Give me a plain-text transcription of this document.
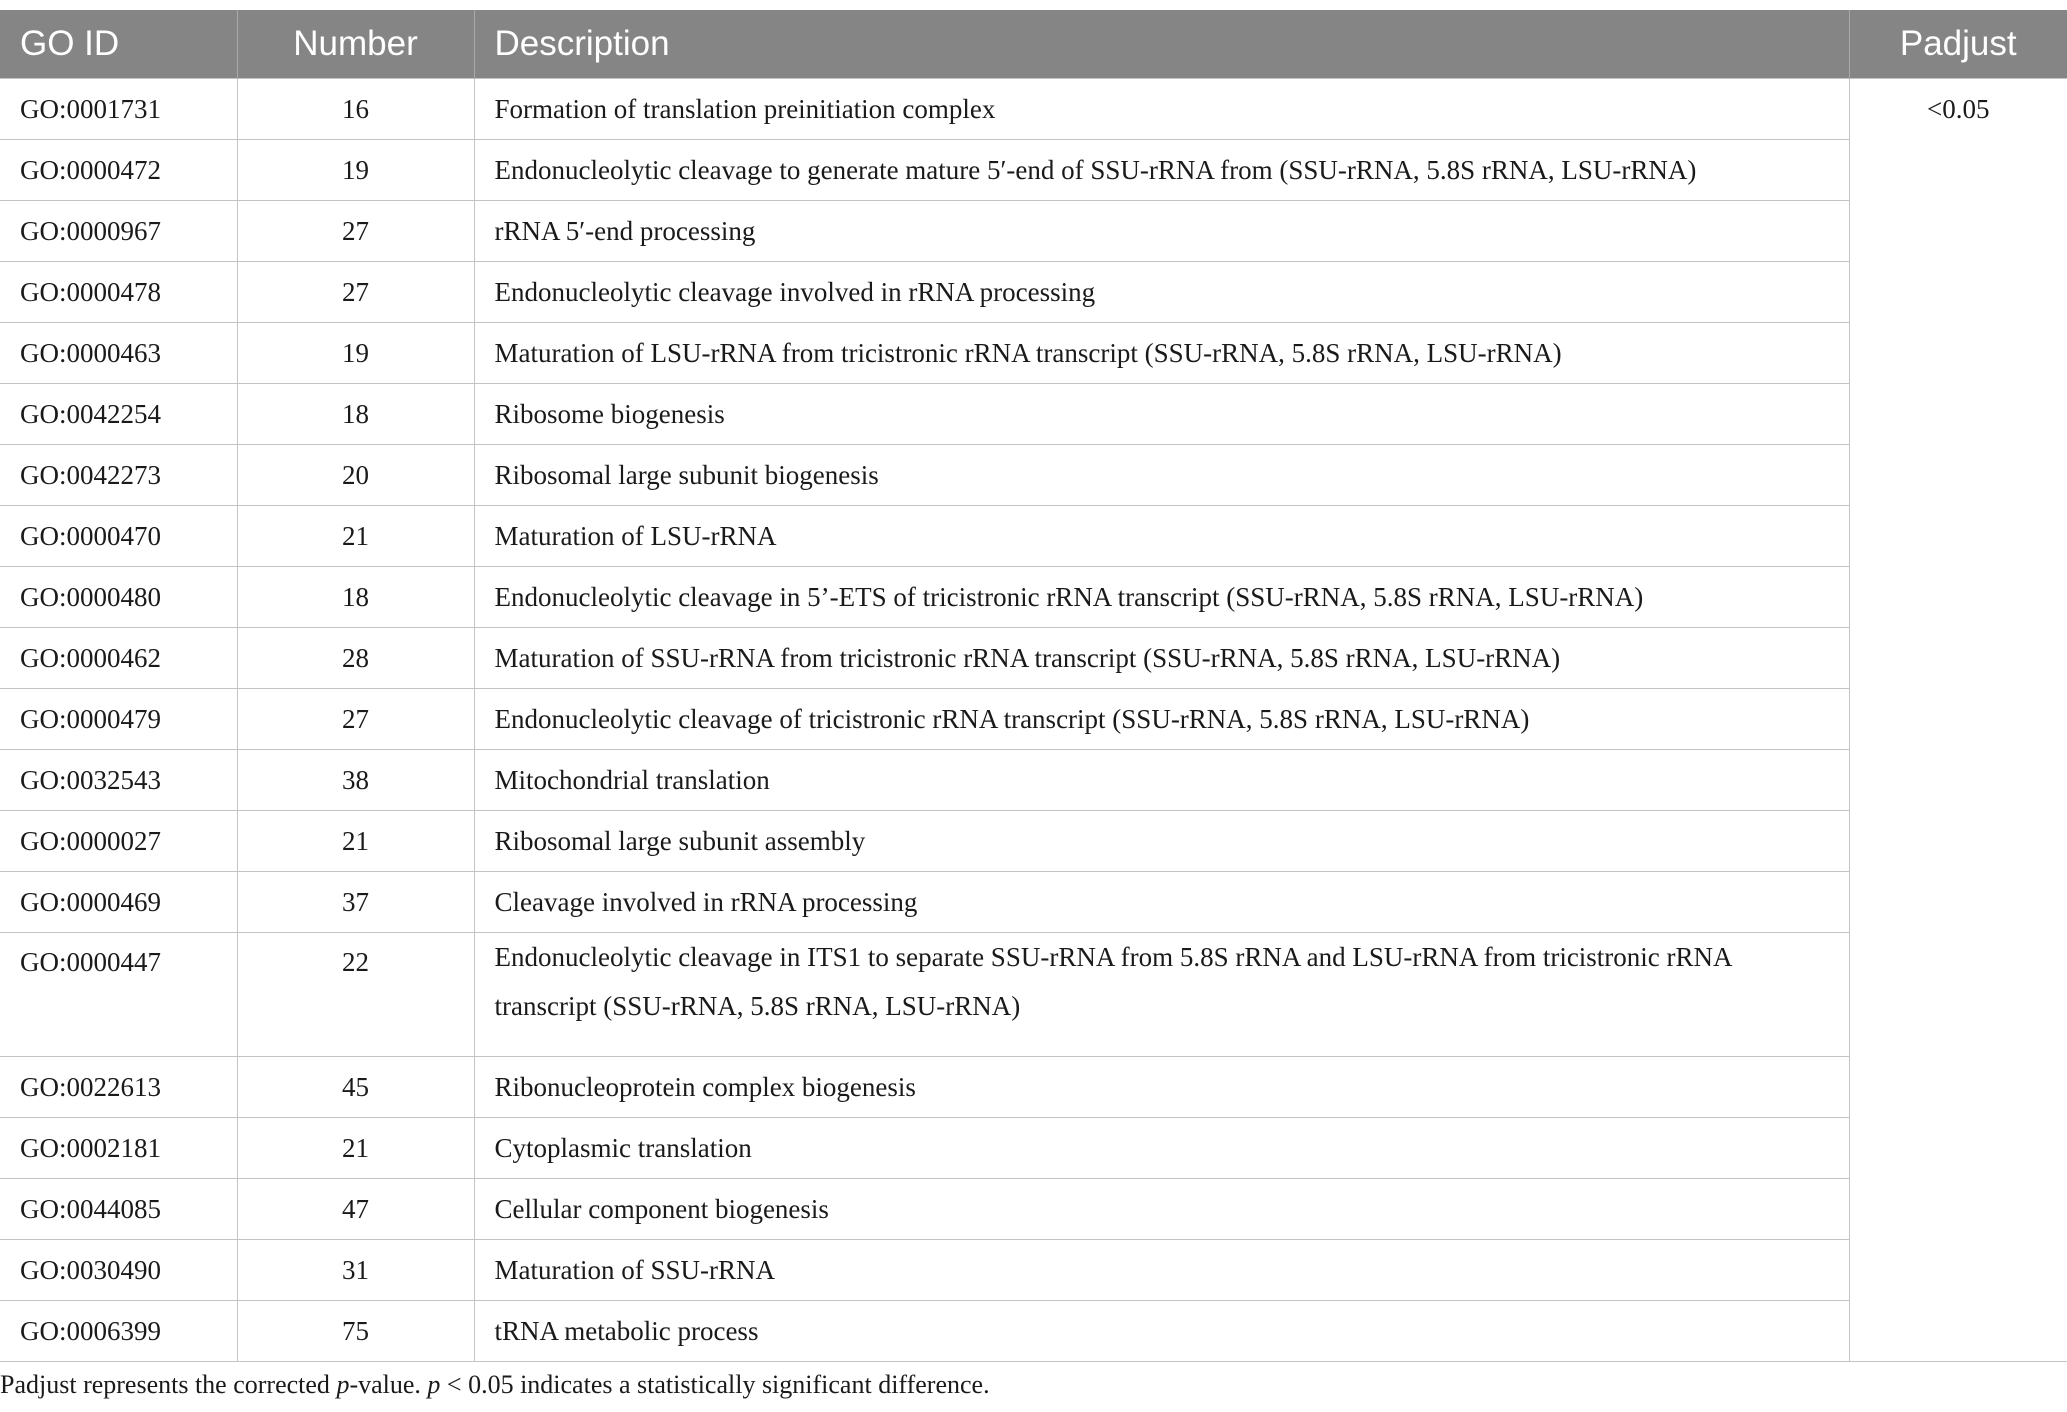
GO ID	Number	Description	Padjust
GO:0001731	16	Formation of translation preinitiation complex	<0.05
GO:0000472	19	Endonucleolytic cleavage to generate mature 5′-end of SSU-rRNA from (SSU-rRNA, 5.8S rRNA, LSU-rRNA)	
GO:0000967	27	rRNA 5′-end processing	
GO:0000478	27	Endonucleolytic cleavage involved in rRNA processing	
GO:0000463	19	Maturation of LSU-rRNA from tricistronic rRNA transcript (SSU-rRNA, 5.8S rRNA, LSU-rRNA)	
GO:0042254	18	Ribosome biogenesis	
GO:0042273	20	Ribosomal large subunit biogenesis	
GO:0000470	21	Maturation of LSU-rRNA	
GO:0000480	18	Endonucleolytic cleavage in 5’-ETS of tricistronic rRNA transcript (SSU-rRNA, 5.8S rRNA, LSU-rRNA)	
GO:0000462	28	Maturation of SSU-rRNA from tricistronic rRNA transcript (SSU-rRNA, 5.8S rRNA, LSU-rRNA)	
GO:0000479	27	Endonucleolytic cleavage of tricistronic rRNA transcript (SSU-rRNA, 5.8S rRNA, LSU-rRNA)	
GO:0032543	38	Mitochondrial translation	
GO:0000027	21	Ribosomal large subunit assembly	
GO:0000469	37	Cleavage involved in rRNA processing	
GO:0000447	22	Endonucleolytic cleavage in ITS1 to separate SSU-rRNA from 5.8S rRNA and LSU-rRNA from tricistronic rRNA transcript (SSU-rRNA, 5.8S rRNA, LSU-rRNA)	
GO:0022613	45	Ribonucleoprotein complex biogenesis	
GO:0002181	21	Cytoplasmic translation	
GO:0044085	47	Cellular component biogenesis	
GO:0030490	31	Maturation of SSU-rRNA	
GO:0006399	75	tRNA metabolic process	
Padjust represents the corrected p-value. p < 0.05 indicates a statistically significant difference.
